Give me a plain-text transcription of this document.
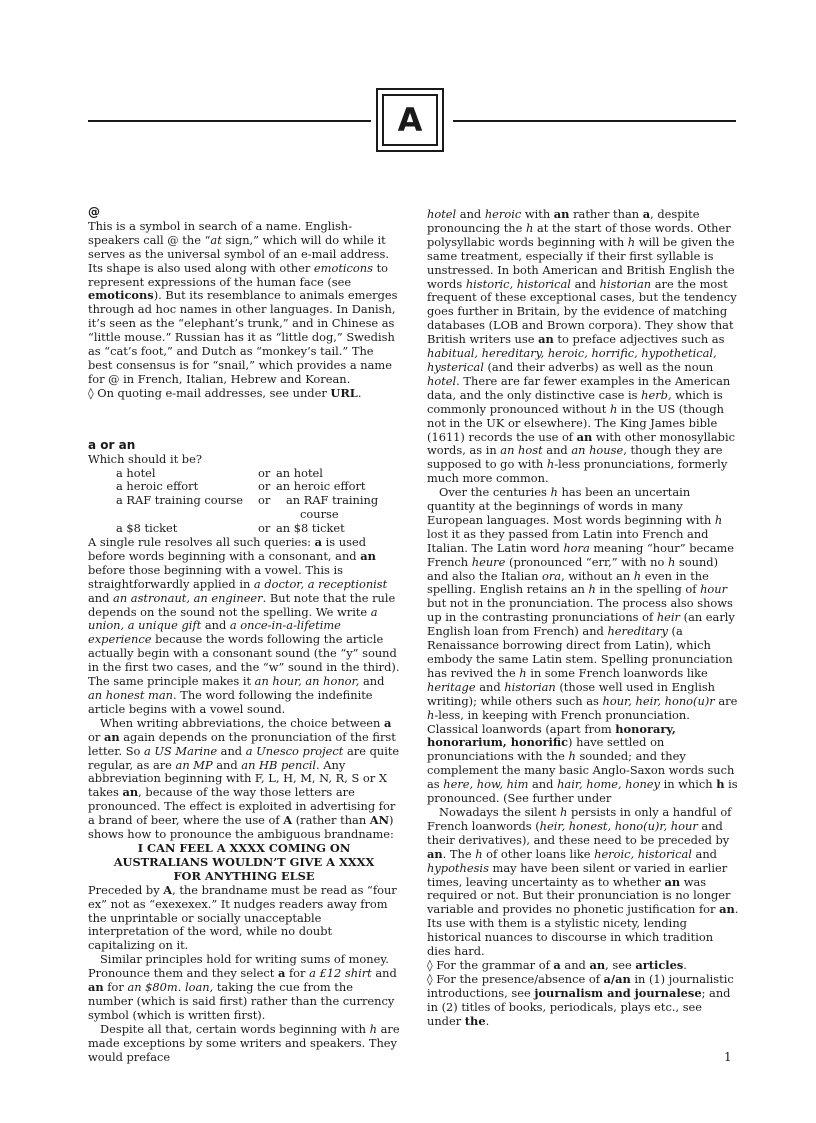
A

@

This is a symbol in search of a name. English-speakers call @ the “at sign,” which will do while it serves as the universal symbol of an e-mail address. Its shape is also used along with other emoticons to represent expressions of the human face (see emoticons). But its resemblance to animals emerges through ad hoc names in other languages. In Danish, it’s seen as the “elephant’s trunk,” and in Chinese as “little mouse.” Russian has it as “little dog,” Swedish as “cat’s foot,” and Dutch as “monkey’s tail.” The best consensus is for “snail,” which provides a name for @ in French, Italian, Hebrew and Korean.

◊ On quoting e-mail addresses, see under URL.

a or an

Which should it be?

a hotel	or	an hotel
a heroic effort	or	an heroic effort
a RAF training course	or	an RAF training course
a $8 ticket	or	an $8 ticket

A single rule resolves all such queries: a is used before words beginning with a consonant, and an before those beginning with a vowel. This is straightforwardly applied in a doctor, a receptionist and an astronaut, an engineer. But note that the rule depends on the sound not the spelling. We write a union, a unique gift and a once-in-a-lifetime experience because the words following the article actually begin with a consonant sound (the “y” sound in the first two cases, and the “w” sound in the third). The same principle makes it an hour, an honor, and an honest man. The word following the indefinite article begins with a vowel sound.

When writing abbreviations, the choice between a or an again depends on the pronunciation of the first letter. So a US Marine and a Unesco project are quite regular, as are an MP and an HB pencil. Any abbreviation beginning with F, L, H, M, N, R, S or X takes an, because of the way those letters are pronounced. The effect is exploited in advertising for a brand of beer, where the use of A (rather than AN) shows how to pronounce the ambiguous brandname:

I CAN FEEL A XXXX COMING ON AUSTRALIANS WOULDN’T GIVE A XXXX FOR ANYTHING ELSE

Preceded by A, the brandname must be read as “four ex” not as “exexexex.” It nudges readers away from the unprintable or socially unacceptable interpretation of the word, while no doubt capitalizing on it.

Similar principles hold for writing sums of money. Pronounce them and they select a for a £12 shirt and an for an $80m. loan, taking the cue from the number (which is said first) rather than the currency symbol (which is written first).

Despite all that, certain words beginning with h are made exceptions by some writers and speakers. They would preface

hotel and heroic with an rather than a, despite pronouncing the h at the start of those words. Other polysyllabic words beginning with h will be given the same treatment, especially if their first syllable is unstressed. In both American and British English the words historic, historical and historian are the most frequent of these exceptional cases, but the tendency goes further in Britain, by the evidence of matching databases (LOB and Brown corpora). They show that British writers use an to preface adjectives such as habitual, hereditary, heroic, horrific, hypothetical, hysterical (and their adverbs) as well as the noun hotel. There are far fewer examples in the American data, and the only distinctive case is herb, which is commonly pronounced without h in the US (though not in the UK or elsewhere). The King James bible (1611) records the use of an with other monosyllabic words, as in an host and an house, though they are supposed to go with h-less pronunciations, formerly much more common.

Over the centuries h has been an uncertain quantity at the beginnings of words in many European languages. Most words beginning with h lost it as they passed from Latin into French and Italian. The Latin word hora meaning “hour” became French heure (pronounced “err,” with no h sound) and also the Italian ora, without an h even in the spelling. English retains an h in the spelling of hour but not in the pronunciation. The process also shows up in the contrasting pronunciations of heir (an early English loan from French) and hereditary (a Renaissance borrowing direct from Latin), which embody the same Latin stem. Spelling pronunciation has revived the h in some French loanwords like heritage and historian (those well used in English writing); while others such as hour, heir, hono(u)r are h-less, in keeping with French pronunciation. Classical loanwords (apart from honorary, honorarium, honorific) have settled on pronunciations with the h sounded; and they complement the many basic Anglo-Saxon words such as here, how, him and hair, home, honey in which h is pronounced. (See further under

Nowadays the silent h persists in only a handful of French loanwords (heir, honest, hono(u)r, hour and their derivatives), and these need to be preceded by an. The h of other loans like heroic, historical and hypothesis may have been silent or varied in earlier times, leaving uncertainty as to whether an was required or not. But their pronunciation is no longer variable and provides no phonetic justification for an. Its use with them is a stylistic nicety, lending historical nuances to discourse in which tradition dies hard.

◊ For the grammar of a and an, see articles.

◊ For the presence/absence of a/an in (1) journalistic introductions, see journalism and journalese; and in (2) titles of books, periodicals, plays etc., see under the.

1
